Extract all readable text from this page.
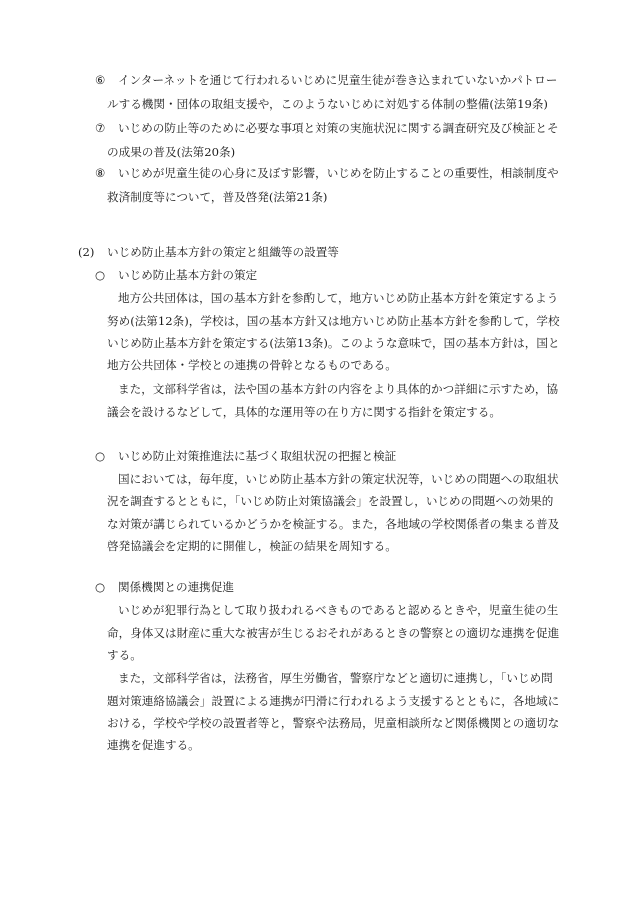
⑥ インターネットを通じて行われるいじめに児童生徒が巻き込まれていないかパトロー
ルする機関・団体の取組支援や，このようないじめに対処する体制の整備(法第19条)
⑦ いじめの防止等のために必要な事項と対策の実施状況に関する調査研究及び検証とそ
の成果の普及(法第20条)
⑧ いじめが児童生徒の心身に及ぼす影響，いじめを防止することの重要性，相談制度や
救済制度等について，普及啓発(法第21条)
(2) いじめ防止基本方針の策定と組織等の設置等
○ いじめ防止基本方針の策定
地方公共団体は，国の基本方針を参酌して，地方いじめ防止基本方針を策定するよう
努め(法第12条)，学校は，国の基本方針又は地方いじめ防止基本方針を参酌して，学校
いじめ防止基本方針を策定する(法第13条)。このような意味で，国の基本方針は，国と
地方公共団体・学校との連携の骨幹となるものである。
また，文部科学省は，法や国の基本方針の内容をより具体的かつ詳細に示すため，協
議会を設けるなどして，具体的な運用等の在り方に関する指針を策定する。
○ いじめ防止対策推進法に基づく取組状況の把握と検証
国においては，毎年度，いじめ防止基本方針の策定状況等，いじめの問題への取組状
況を調査するとともに，「いじめ防止対策協議会」を設置し，いじめの問題への効果的
な対策が講じられているかどうかを検証する。また，各地域の学校関係者の集まる普及
啓発協議会を定期的に開催し，検証の結果を周知する。
○ 関係機関との連携促進
いじめが犯罪行為として取り扱われるべきものであると認めるときや，児童生徒の生
命，身体又は財産に重大な被害が生じるおそれがあるときの警察との適切な連携を促進
する。
また，文部科学省は，法務省，厚生労働省，警察庁などと適切に連携し，「いじめ問
題対策連絡協議会」設置による連携が円滑に行われるよう支援するとともに，各地域に
おける，学校や学校の設置者等と，警察や法務局，児童相談所など関係機関との適切な
連携を促進する。
